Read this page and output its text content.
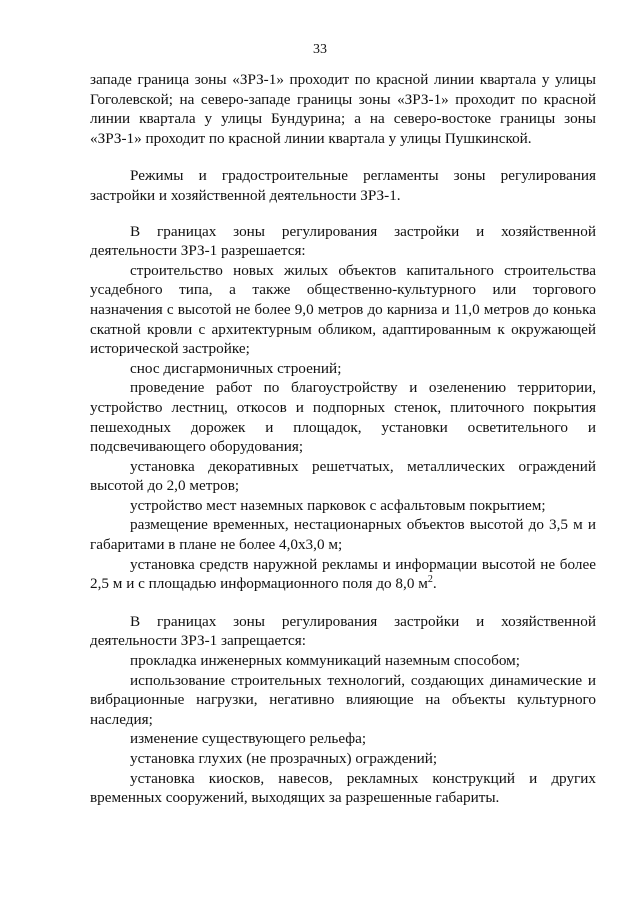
33

западе граница зоны «ЗРЗ-1» проходит по красной линии квартала у улицы Гоголевской; на северо-западе границы зоны «ЗРЗ-1» проходит по красной линии квартала у улицы Бундурина; а на северо-востоке границы зоны «ЗРЗ-1» проходит по красной линии квартала у улицы Пушкинской.

Режимы и градостроительные регламенты зоны регулирования застройки и хозяйственной деятельности ЗРЗ-1.

В границах зоны регулирования застройки и хозяйственной деятельности ЗРЗ-1 разрешается:

строительство новых жилых объектов капитального строительства усадебного типа, а также общественно-культурного или торгового назначения с высотой не более 9,0 метров до карниза и 11,0 метров до конька скатной кровли с архитектурным обликом, адаптированным к окружающей исторической застройке;

снос дисгармоничных строений;

проведение работ по благоустройству и озеленению территории, устройство лестниц, откосов и подпорных стенок, плиточного покрытия пешеходных дорожек и площадок, установки осветительного и подсвечивающего оборудования;

установка декоративных решетчатых, металлических ограждений высотой до 2,0 метров;

устройство мест наземных парковок с асфальтовым покрытием;

размещение временных, нестационарных объектов высотой до 3,5 м и габаритами в плане не более 4,0х3,0 м;

установка средств наружной рекламы и информации высотой не более 2,5 м и с площадью информационного поля до 8,0 $м^2$.

В границах зоны регулирования застройки и хозяйственной деятельности ЗРЗ-1 запрещается:

прокладка инженерных коммуникаций наземным способом;

использование строительных технологий, создающих динамические и вибрационные нагрузки, негативно влияющие на объекты культурного наследия;

изменение существующего рельефа;

установка глухих (не прозрачных) ограждений;

установка киосков, навесов, рекламных конструкций и других временных сооружений, выходящих за разрешенные габариты.
